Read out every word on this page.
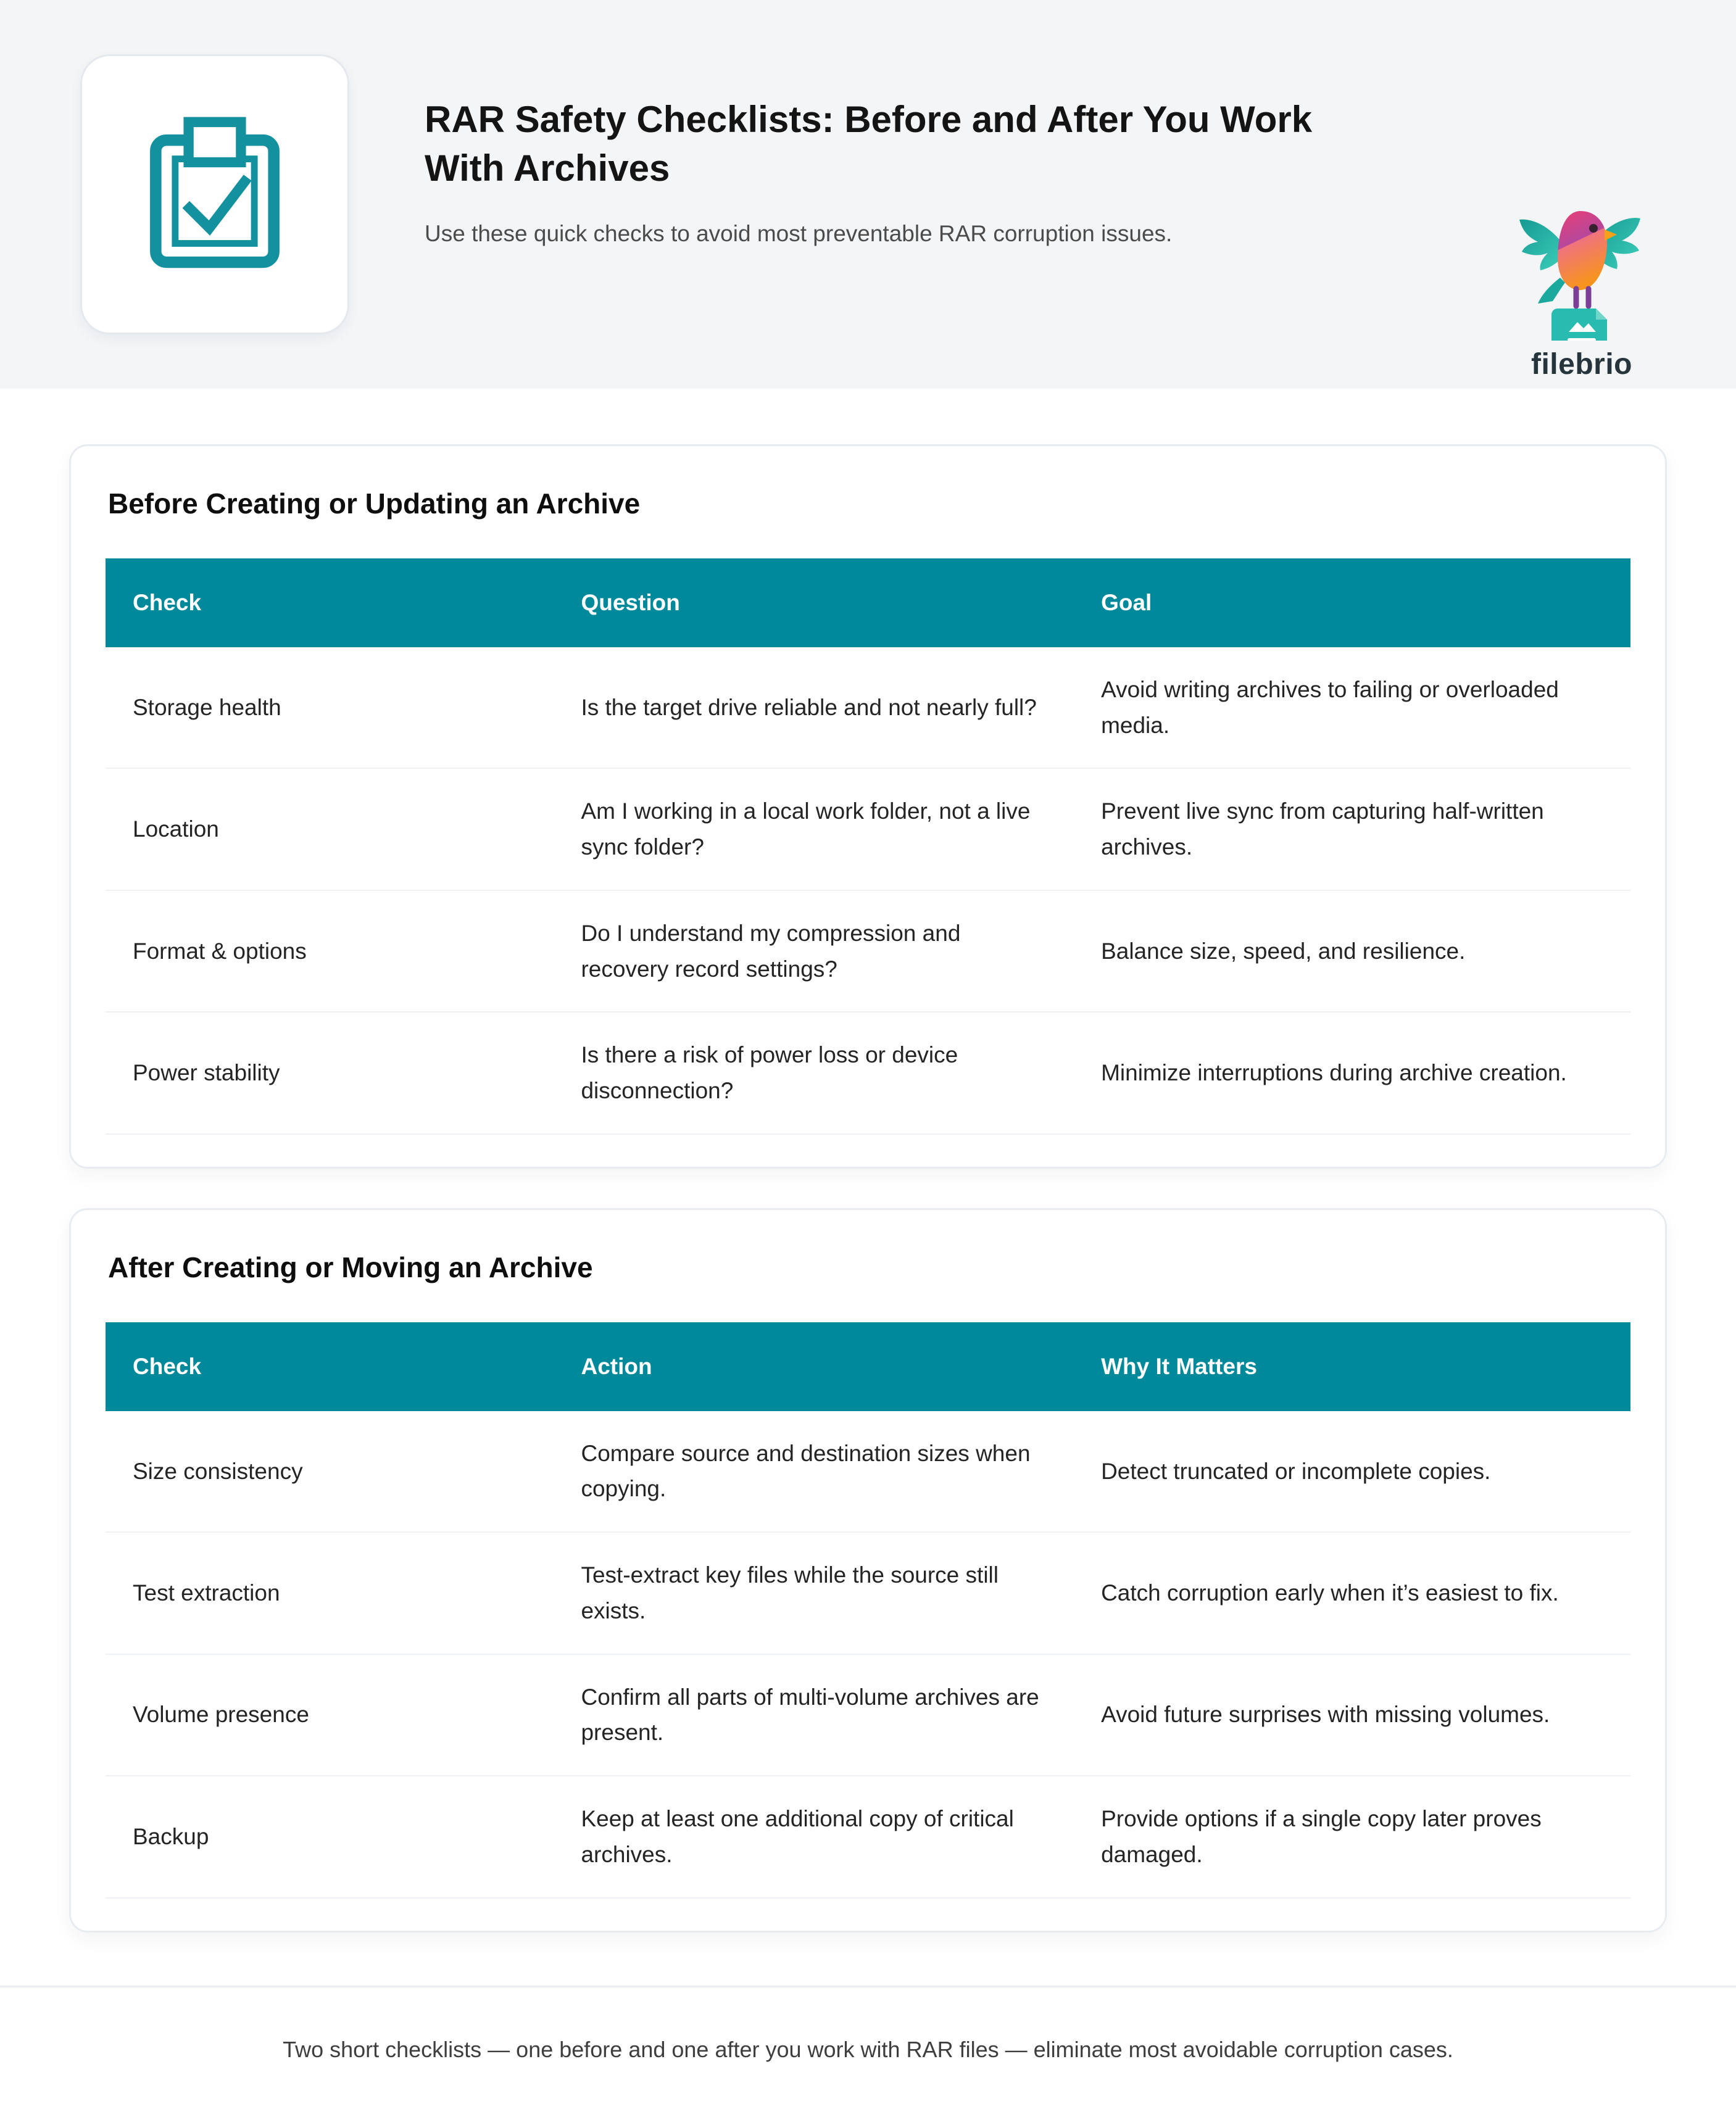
RAR Safety Checklists: Before and After You Work With Archives
Use these quick checks to avoid most preventable RAR corruption issues.
filebrio
Before Creating or Updating an Archive
Check	Question	Goal
Storage health	Is the target drive reliable and not nearly full?	Avoid writing archives to failing or overloaded media.
Location	Am I working in a local work folder, not a live sync folder?	Prevent live sync from capturing half-written archives.
Format & options	Do I understand my compression and recovery record settings?	Balance size, speed, and resilience.
Power stability	Is there a risk of power loss or device disconnection?	Minimize interruptions during archive creation.
After Creating or Moving an Archive
Check	Action	Why It Matters
Size consistency	Compare source and destination sizes when copying.	Detect truncated or incomplete copies.
Test extraction	Test-extract key files while the source still exists.	Catch corruption early when it’s easiest to fix.
Volume presence	Confirm all parts of multi-volume archives are present.	Avoid future surprises with missing volumes.
Backup	Keep at least one additional copy of critical archives.	Provide options if a single copy later proves damaged.
Two short checklists — one before and one after you work with RAR files — eliminate most avoidable corruption cases.
